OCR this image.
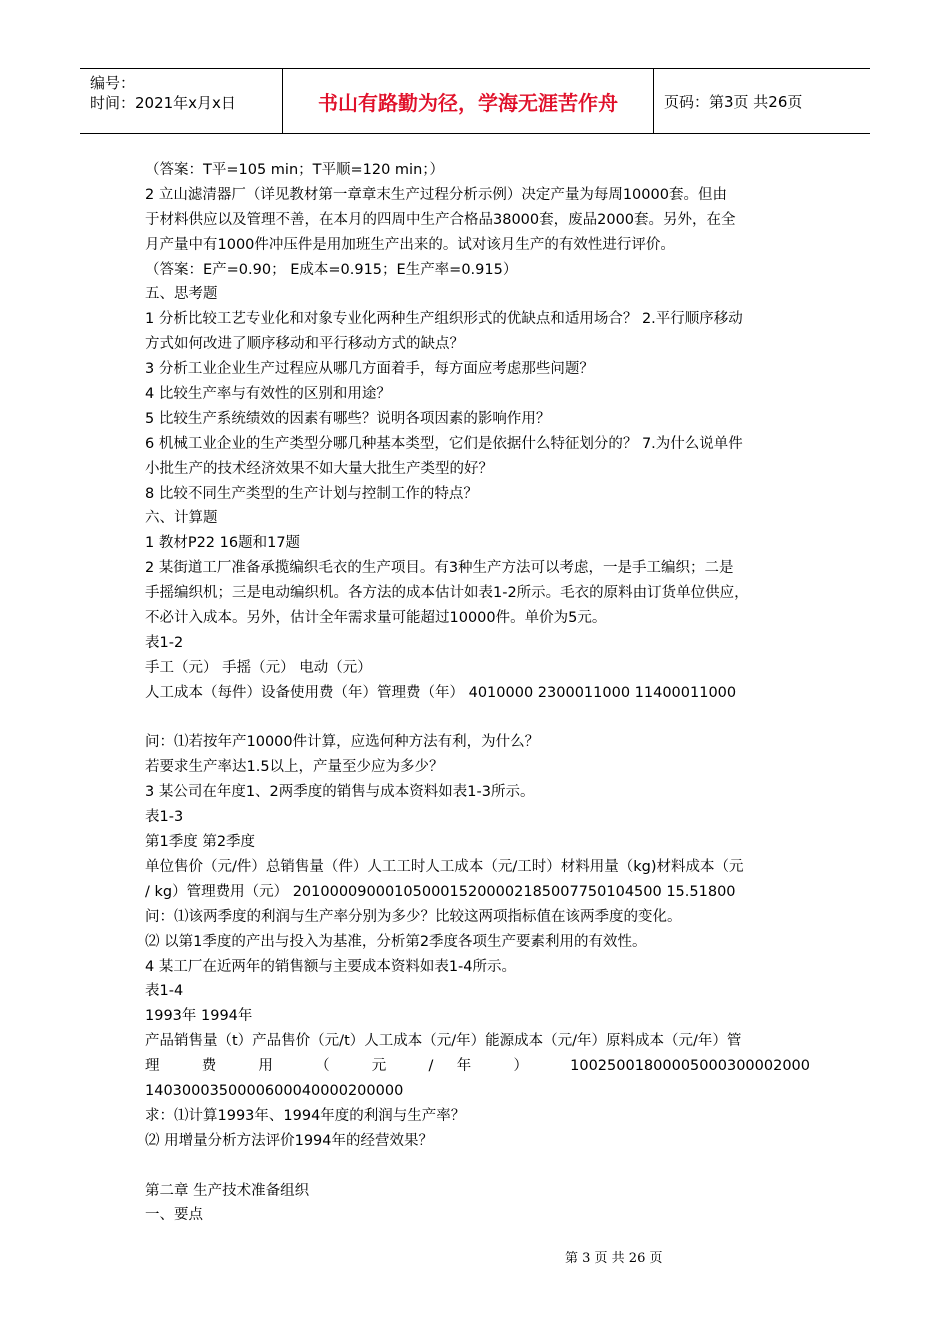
编号：
时间：2021年x月x日	书山有路勤为径，学海无涯苦作舟	页码：第3页 共26页
（答案：T平=105 min；T平顺=120 min；）
2 立山滤清器厂（详见教材第一章章末生产过程分析示例）决定产量为每周10000套。但由
于材料供应以及管理不善，在本月的四周中生产合格品38000套，废品2000套。另外，在全
月产量中有1000件冲压件是用加班生产出来的。试对该月生产的有效性进行评价。
（答案：E产=0.90； E成本=0.915；E生产率=0.915）
五、思考题
1 分析比较工艺专业化和对象专业化两种生产组织形式的优缺点和适用场合？ 2.平行顺序移动
方式如何改进了顺序移动和平行移动方式的缺点？
3 分析工业企业生产过程应从哪几方面着手，每方面应考虑那些问题？
4 比较生产率与有效性的区别和用途？
5 比较生产系统绩效的因素有哪些？说明各项因素的影响作用？
6 机械工业企业的生产类型分哪几种基本类型，它们是依据什么特征划分的？ 7.为什么说单件
小批生产的技术经济效果不如大量大批生产类型的好？
8 比较不同生产类型的生产计划与控制工作的特点？
六、计算题
1 教材P22 16题和17题
2 某街道工厂准备承揽编织毛衣的生产项目。有3种生产方法可以考虑，一是手工编织；二是
手摇编织机；三是电动编织机。各方法的成本估计如表1-2所示。毛衣的原料由订货单位供应，
不必计入成本。另外，估计全年需求量可能超过10000件。单价为5元。
表1-2
手工（元） 手摇（元） 电动（元）
人工成本（每件）设备使用费（年）管理费（年） 4010000 2300011000 11400011000
问：⑴若按年产10000件计算，应选何种方法有利，为什么？
若要求生产率达1.5以上，产量至少应为多少？
3 某公司在年度1、2两季度的销售与成本资料如表1-3所示。
表1-3
第1季度 第2季度
单位售价（元/件）总销售量（件）人工工时人工成本（元/工时）材料用量（kg)材料成本（元
/ kg）管理费用（元） 2010000900010500015200002185007750104500 15.51800
问：⑴该两季度的利润与生产率分别为多少？比较这两项指标值在该两季度的变化。
⑵ 以第1季度的产出与投入为基准，分析第2季度各项生产要素利用的有效性。
4 某工厂在近两年的销售额与主要成本资料如表1-4所示。
表1-4
1993年 1994年
产品销售量（t）产品售价（元/t）人工成本（元/年）能源成本（元/年）原料成本（元/年）管
理 费 用 （ 元 / 年 ） 10025001800005000300002000
1403000350000600040000200000
求：⑴计算1993年、1994年度的利润与生产率？
⑵ 用增量分析方法评价1994年的经营效果？
第二章 生产技术准备组织
一、要点
第 3 页 共 26 页
